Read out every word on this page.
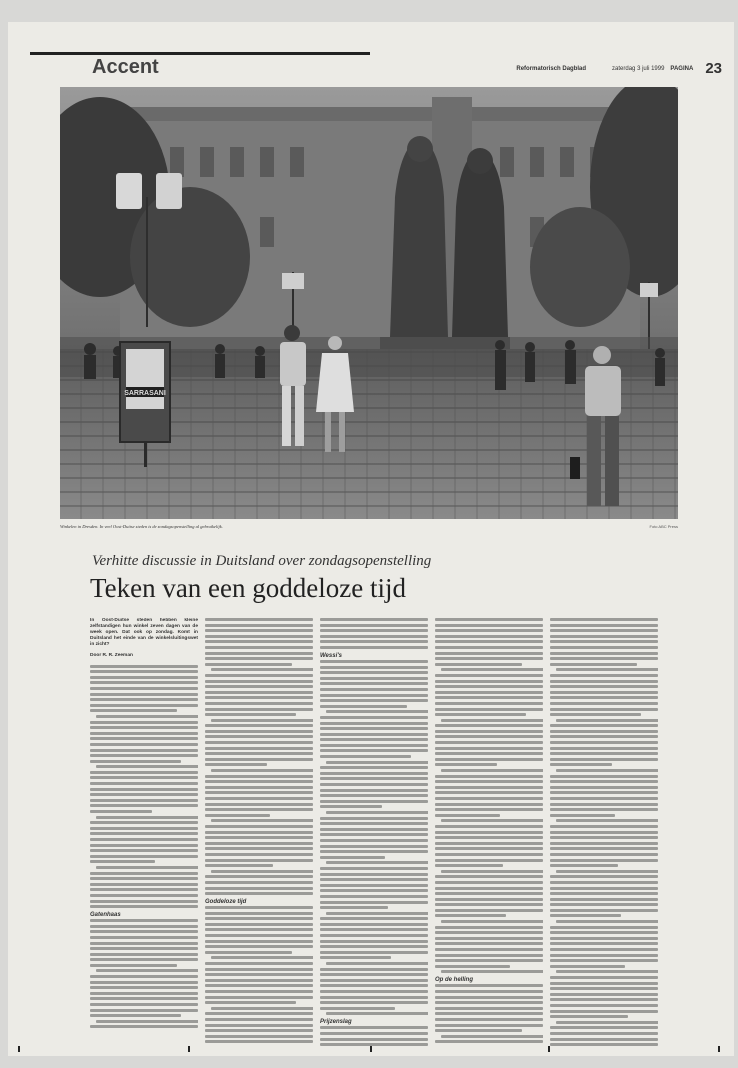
Accent	Reformatorisch Dagblad	zaterdag 3 juli 1999 PAGINA 23
SARRASANI
Winkelen in Dresden. In veel Oost-Duitse steden is de zondagsopenstelling al gebruikelijk.	Foto ABC Press
Verhitte discussie in Duitsland over zondagsopenstelling
Teken van een goddeloze tijd

In Oost-Duitse steden hebben kleine zelfstandigen hun winkel zeven dagen van de week open. Dat ook op zondag. Komt in Duitsland het einde van de winkelsluitingswet in zicht?

Door R. R. Zeeman

Gatenhaas
Goddeloze tijd
Wessi's
Prijzenslag
Op de helling
